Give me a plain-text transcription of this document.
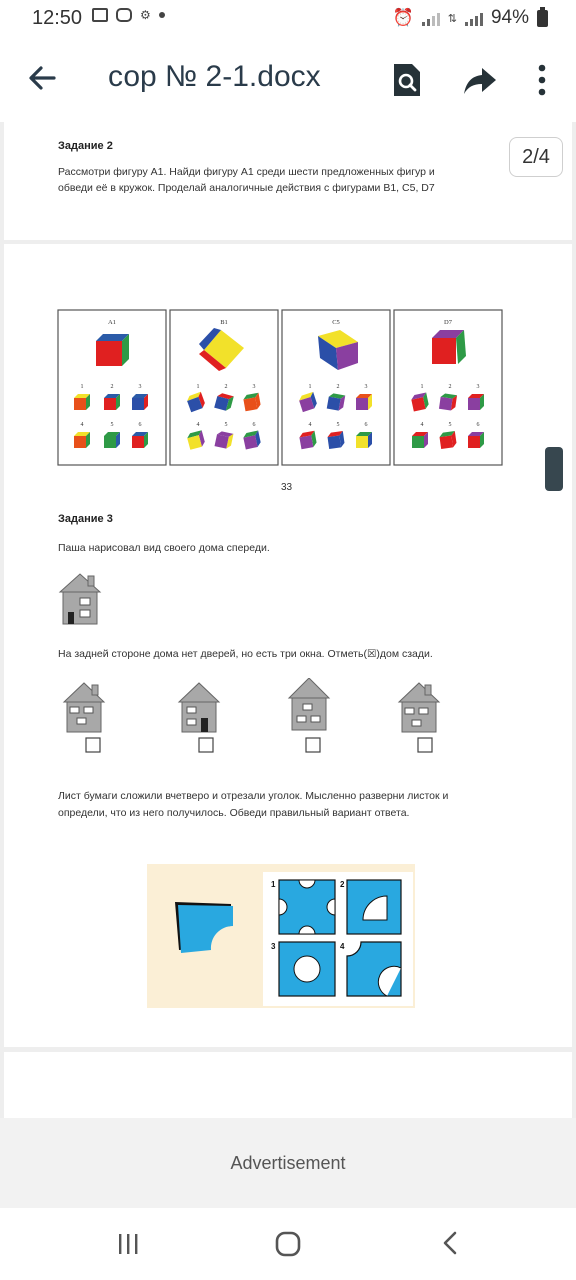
12:50	⚙	⏰	⇅ 94%
сор № 2-1.docx
Задание 2
Рассмотри фигуру А1. Найди фигуру А1 среди шести предложенных фигур и
обведи её в кружок. Проделай аналогичные действия с фигурами В1, С5, D7
2/4
A1	B1	C5	D7
1	2	3
4	5	6
1	2	3
4	5	6
1	2	3
4	5	6
1	2	3
4	5	6
33
Задание 3
Паша нарисовал вид своего дома спереди.
На задней стороне дома нет дверей, но есть три окна. Отметь(☒)дом сзади.
Лист бумаги сложили вчетверо и отрезали уголок. Мысленно разверни листок и
определи, что из него получилось. Обведи правильный вариант ответа.
1	2
3	4
Advertisement
